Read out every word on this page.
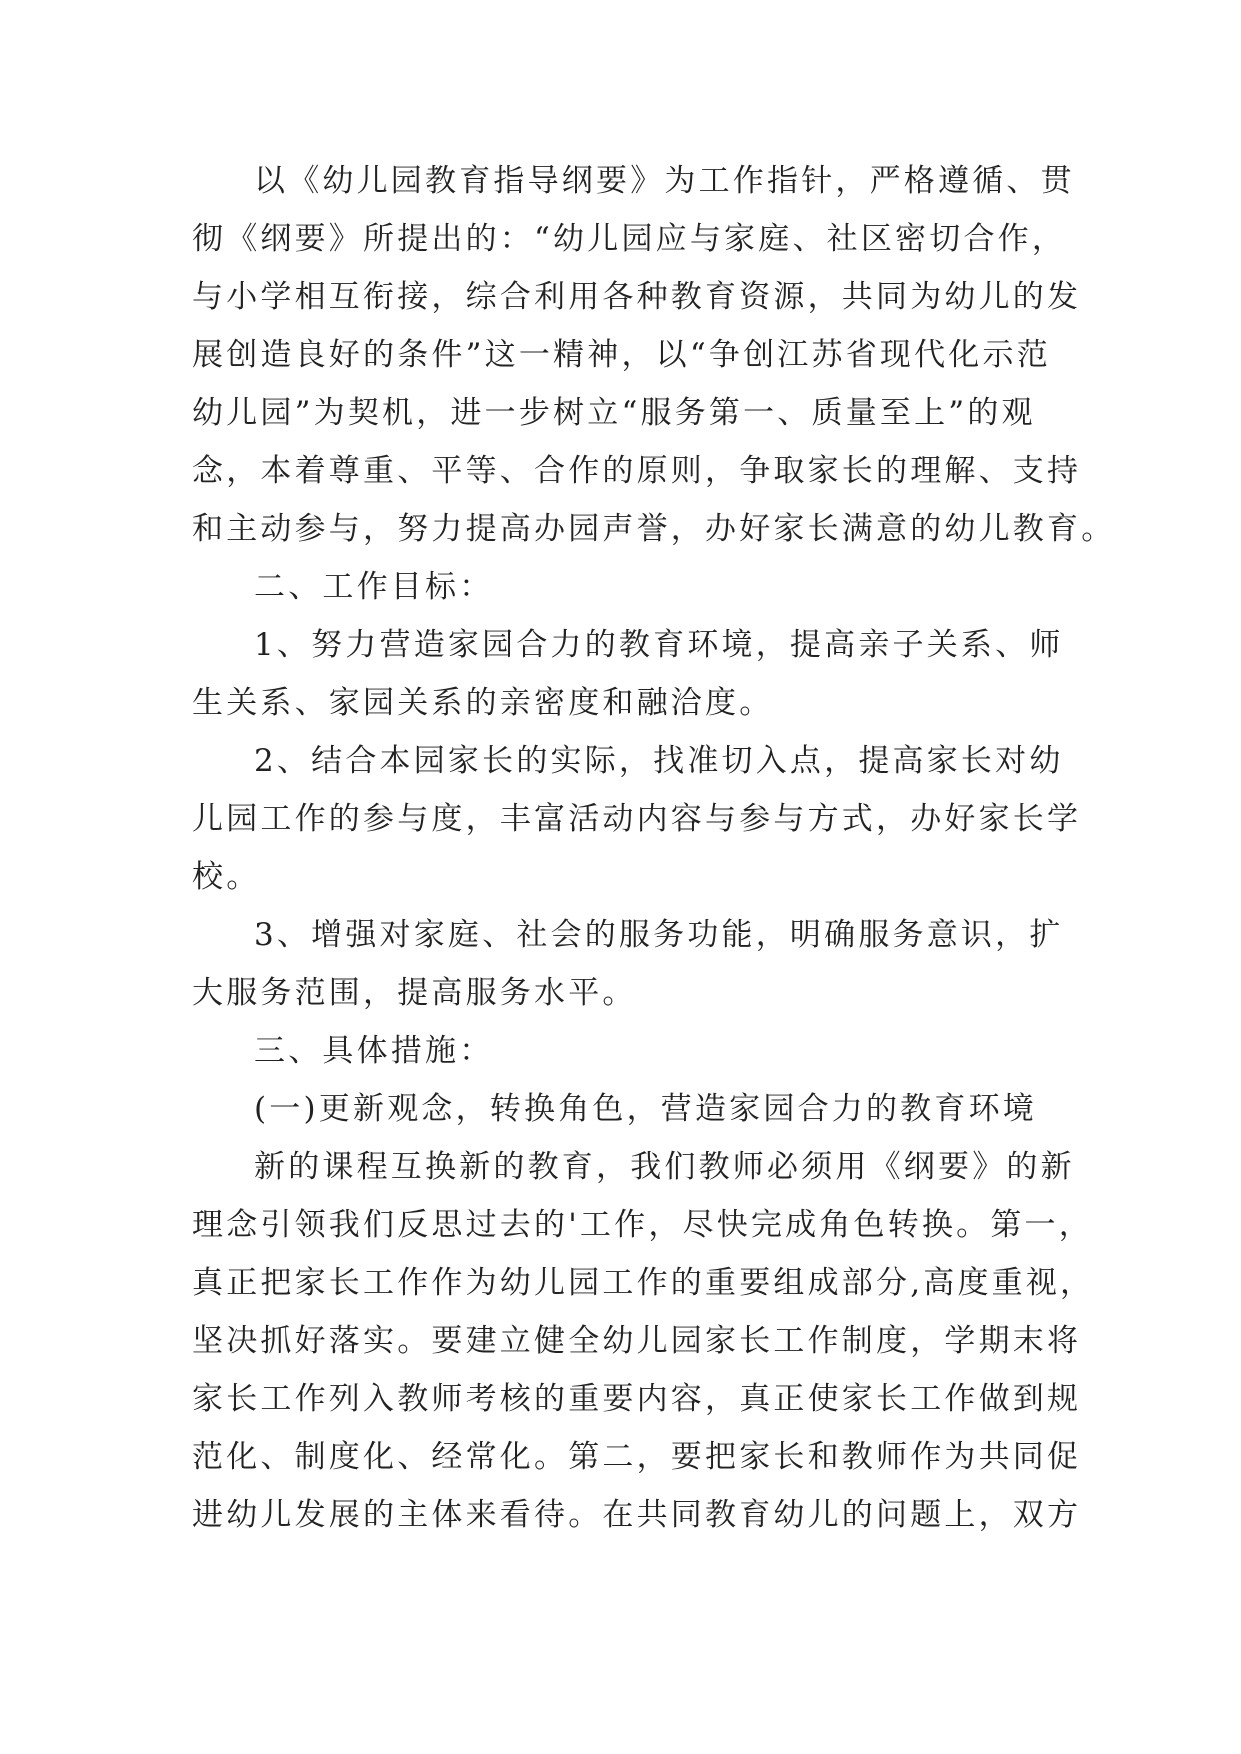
以《幼儿园教育指导纲要》为工作指针，严格遵循、贯
彻《纲要》所提出的：“幼儿园应与家庭、社区密切合作，
与小学相互衔接，综合利用各种教育资源，共同为幼儿的发
展创造良好的条件”这一精神，以“争创江苏省现代化示范
幼儿园”为契机，进一步树立“服务第一、质量至上”的观
念，本着尊重、平等、合作的原则，争取家长的理解、支持
和主动参与，努力提高办园声誉，办好家长满意的幼儿教育。

二、工作目标：

1、努力营造家园合力的教育环境，提高亲子关系、师
生关系、家园关系的亲密度和融洽度。

2、结合本园家长的实际，找准切入点，提高家长对幼
儿园工作的参与度，丰富活动内容与参与方式，办好家长学
校。

3、增强对家庭、社会的服务功能，明确服务意识，扩
大服务范围，提高服务水平。

三、具体措施：

(一)更新观念，转换角色，营造家园合力的教育环境

新的课程互换新的教育，我们教师必须用《纲要》的新
理念引领我们反思过去的'工作，尽快完成角色转换。第一，
真正把家长工作作为幼儿园工作的重要组成部分,高度重视，
坚决抓好落实。要建立健全幼儿园家长工作制度，学期末将
家长工作列入教师考核的重要内容，真正使家长工作做到规
范化、制度化、经常化。第二，要把家长和教师作为共同促
进幼儿发展的主体来看待。在共同教育幼儿的问题上，双方
